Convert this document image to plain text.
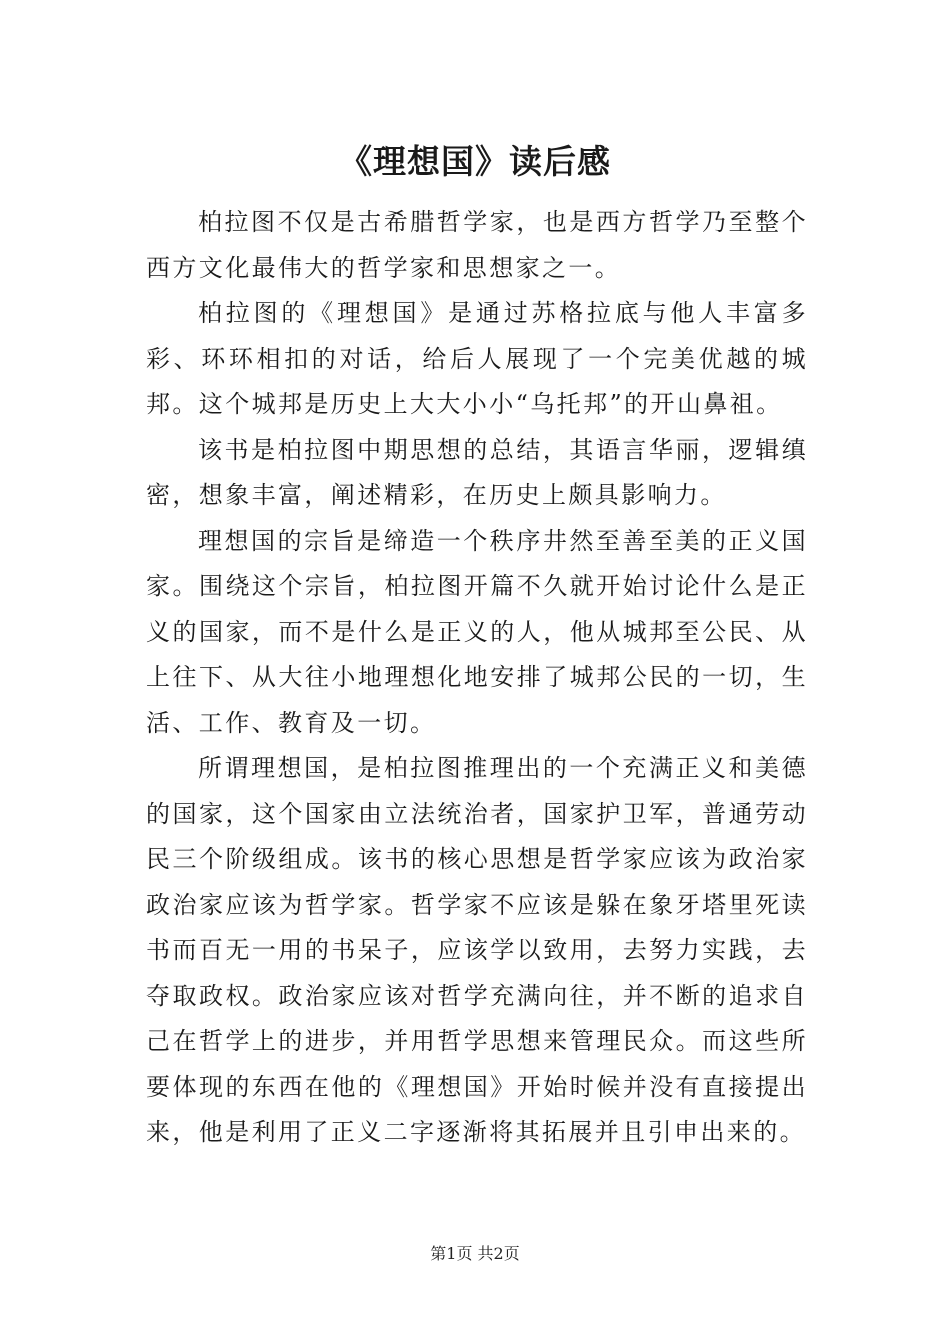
《理想国》读后感

柏拉图不仅是古希腊哲学家，也是西方哲学乃至整个西方文化最伟大的哲学家和思想家之一。

柏拉图的《理想国》是通过苏格拉底与他人丰富多彩、环环相扣的对话，给后人展现了一个完美优越的城邦。这个城邦是历史上大大小小“乌托邦”的开山鼻祖。

该书是柏拉图中期思想的总结，其语言华丽，逻辑缜密，想象丰富，阐述精彩，在历史上颇具影响力。

理想国的宗旨是缔造一个秩序井然至善至美的正义国家。围绕这个宗旨，柏拉图开篇不久就开始讨论什么是正义的国家，而不是什么是正义的人，他从城邦至公民、从上往下、从大往小地理想化地安排了城邦公民的一切，生活、工作、教育及一切。

所谓理想国，是柏拉图推理出的一个充满正义和美德的国家，这个国家由立法统治者，国家护卫军，普通劳动民三个阶级组成。该书的核心思想是哲学家应该为政治家政治家应该为哲学家。哲学家不应该是躲在象牙塔里死读书而百无一用的书呆子，应该学以致用，去努力实践，去夺取政权。政治家应该对哲学充满向往，并不断的追求自己在哲学上的进步，并用哲学思想来管理民众。而这些所要体现的东西在他的《理想国》开始时候并没有直接提出来，他是利用了正义二字逐渐将其拓展并且引申出来的。

第1页 共2页
